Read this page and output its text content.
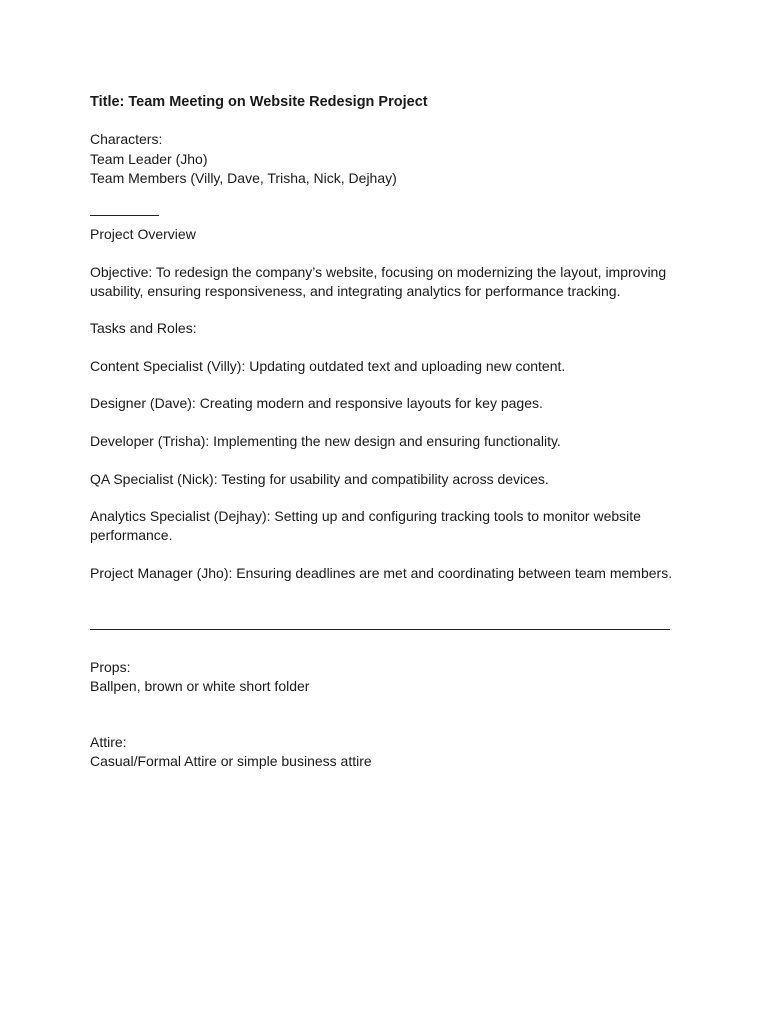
Title: Team Meeting on Website Redesign Project

Characters:

Team Leader (Jho)

Team Members (Villy, Dave, Trisha, Nick, Dejhay)

Project Overview

Objective: To redesign the company’s website, focusing on modernizing the layout, improving

usability, ensuring responsiveness, and integrating analytics for performance tracking.

Tasks and Roles:

Content Specialist (Villy): Updating outdated text and uploading new content.

Designer (Dave): Creating modern and responsive layouts for key pages.

Developer (Trisha): Implementing the new design and ensuring functionality.

QA Specialist (Nick): Testing for usability and compatibility across devices.

Analytics Specialist (Dejhay): Setting up and configuring tracking tools to monitor website

performance.

Project Manager (Jho): Ensuring deadlines are met and coordinating between team members.

Props:

Ballpen, brown or white short folder

Attire:

Casual/Formal Attire or simple business attire
